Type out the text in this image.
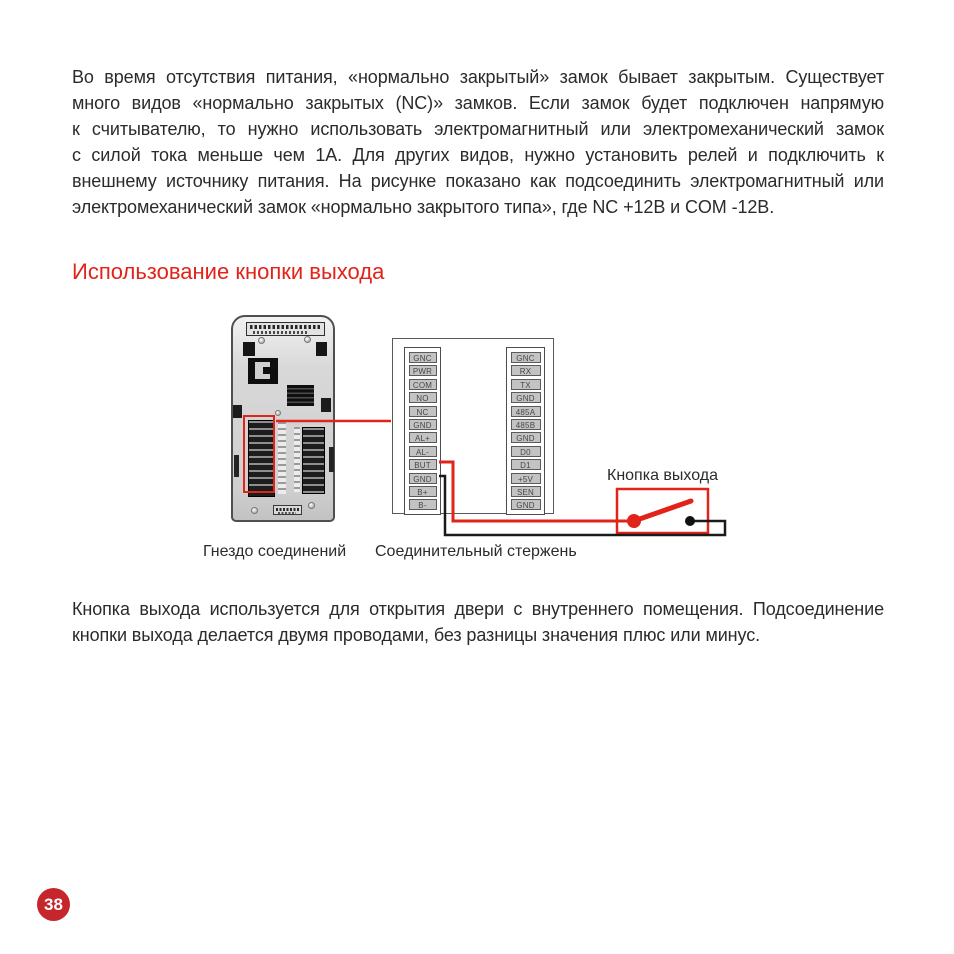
Во время отсутствия питания, «нормально закрытый» замок бывает закрытым. Существует
много видов «нормально закрытых (NC)» замков. Если замок будет подключен напрямую
к считывателю, то нужно использовать электромагнитный или электромеханический замок
с силой тока меньше чем 1А. Для других видов, нужно установить релей и подключить к
внешнему источнику питания. На рисунке показано как подсоединить электромагнитный или
электромеханический замок «нормально закрытого типа», где NC +12В и COM -12В.
Использование кнопки выхода
GNC
PWR
COM
NO
NC
GND
AL+
AL-
BUT
GND
B+
B-
GNC
RX
TX
GND
485A
485B
GND
D0
D1
+5V
SEN
GND
Гнездо соединений Соединительный стержень
Кнопка выхода
Кнопка выхода используется для открытия двери с внутреннего помещения. Подсоединение
кнопки выхода делается двумя проводами, без разницы значения плюс или минус.
38
